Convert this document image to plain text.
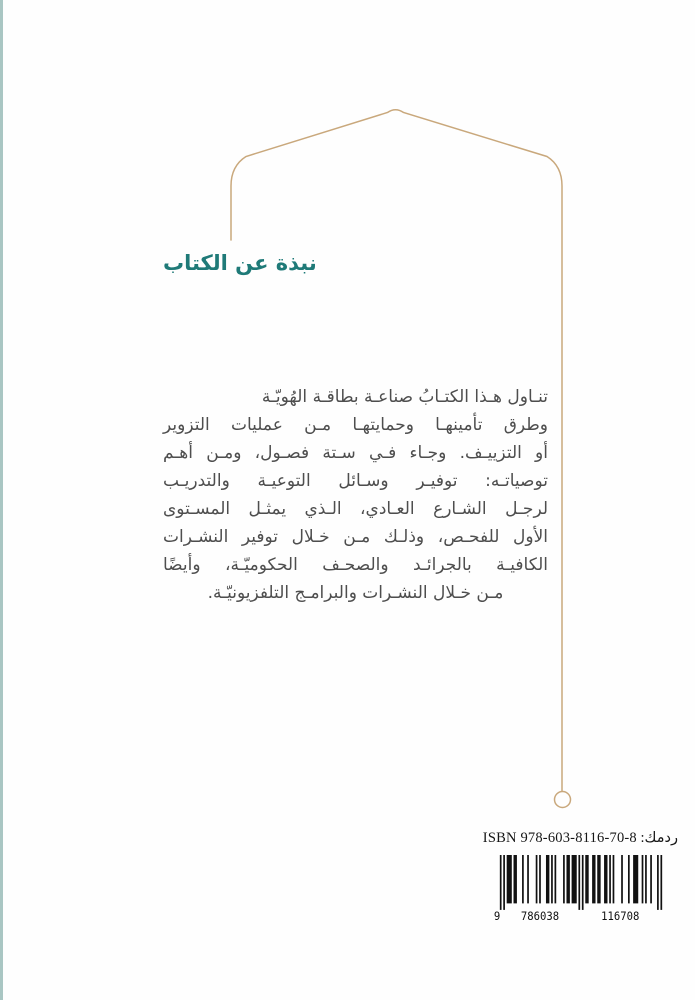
نبذة عن الكتاب
تنـاول هـذا الكتـابُ صناعـة بطاقـة الهُويّـة
وطرق تأمينهـا وحمايتهـا مـن عمليات التزوير
أو التزييـف. وجـاء فـي سـتة فصـول، ومـن أهـم
توصياتـه: توفيـر وسـائل التوعيـة والتدريـب
لرجـل الشـارع العـادي، الـذي يمثـل المسـتوى
الأول للفحـص، وذلـك مـن خـلال توفير النشـرات
الكافيـة بالجرائـد والصحـف الحكوميّـة، وأيضًا
مـن خـلال النشـرات والبرامـج التلفزيونيّـة.
ردمك: ISBN 978-603-8116-70-8
9	786038	116708
